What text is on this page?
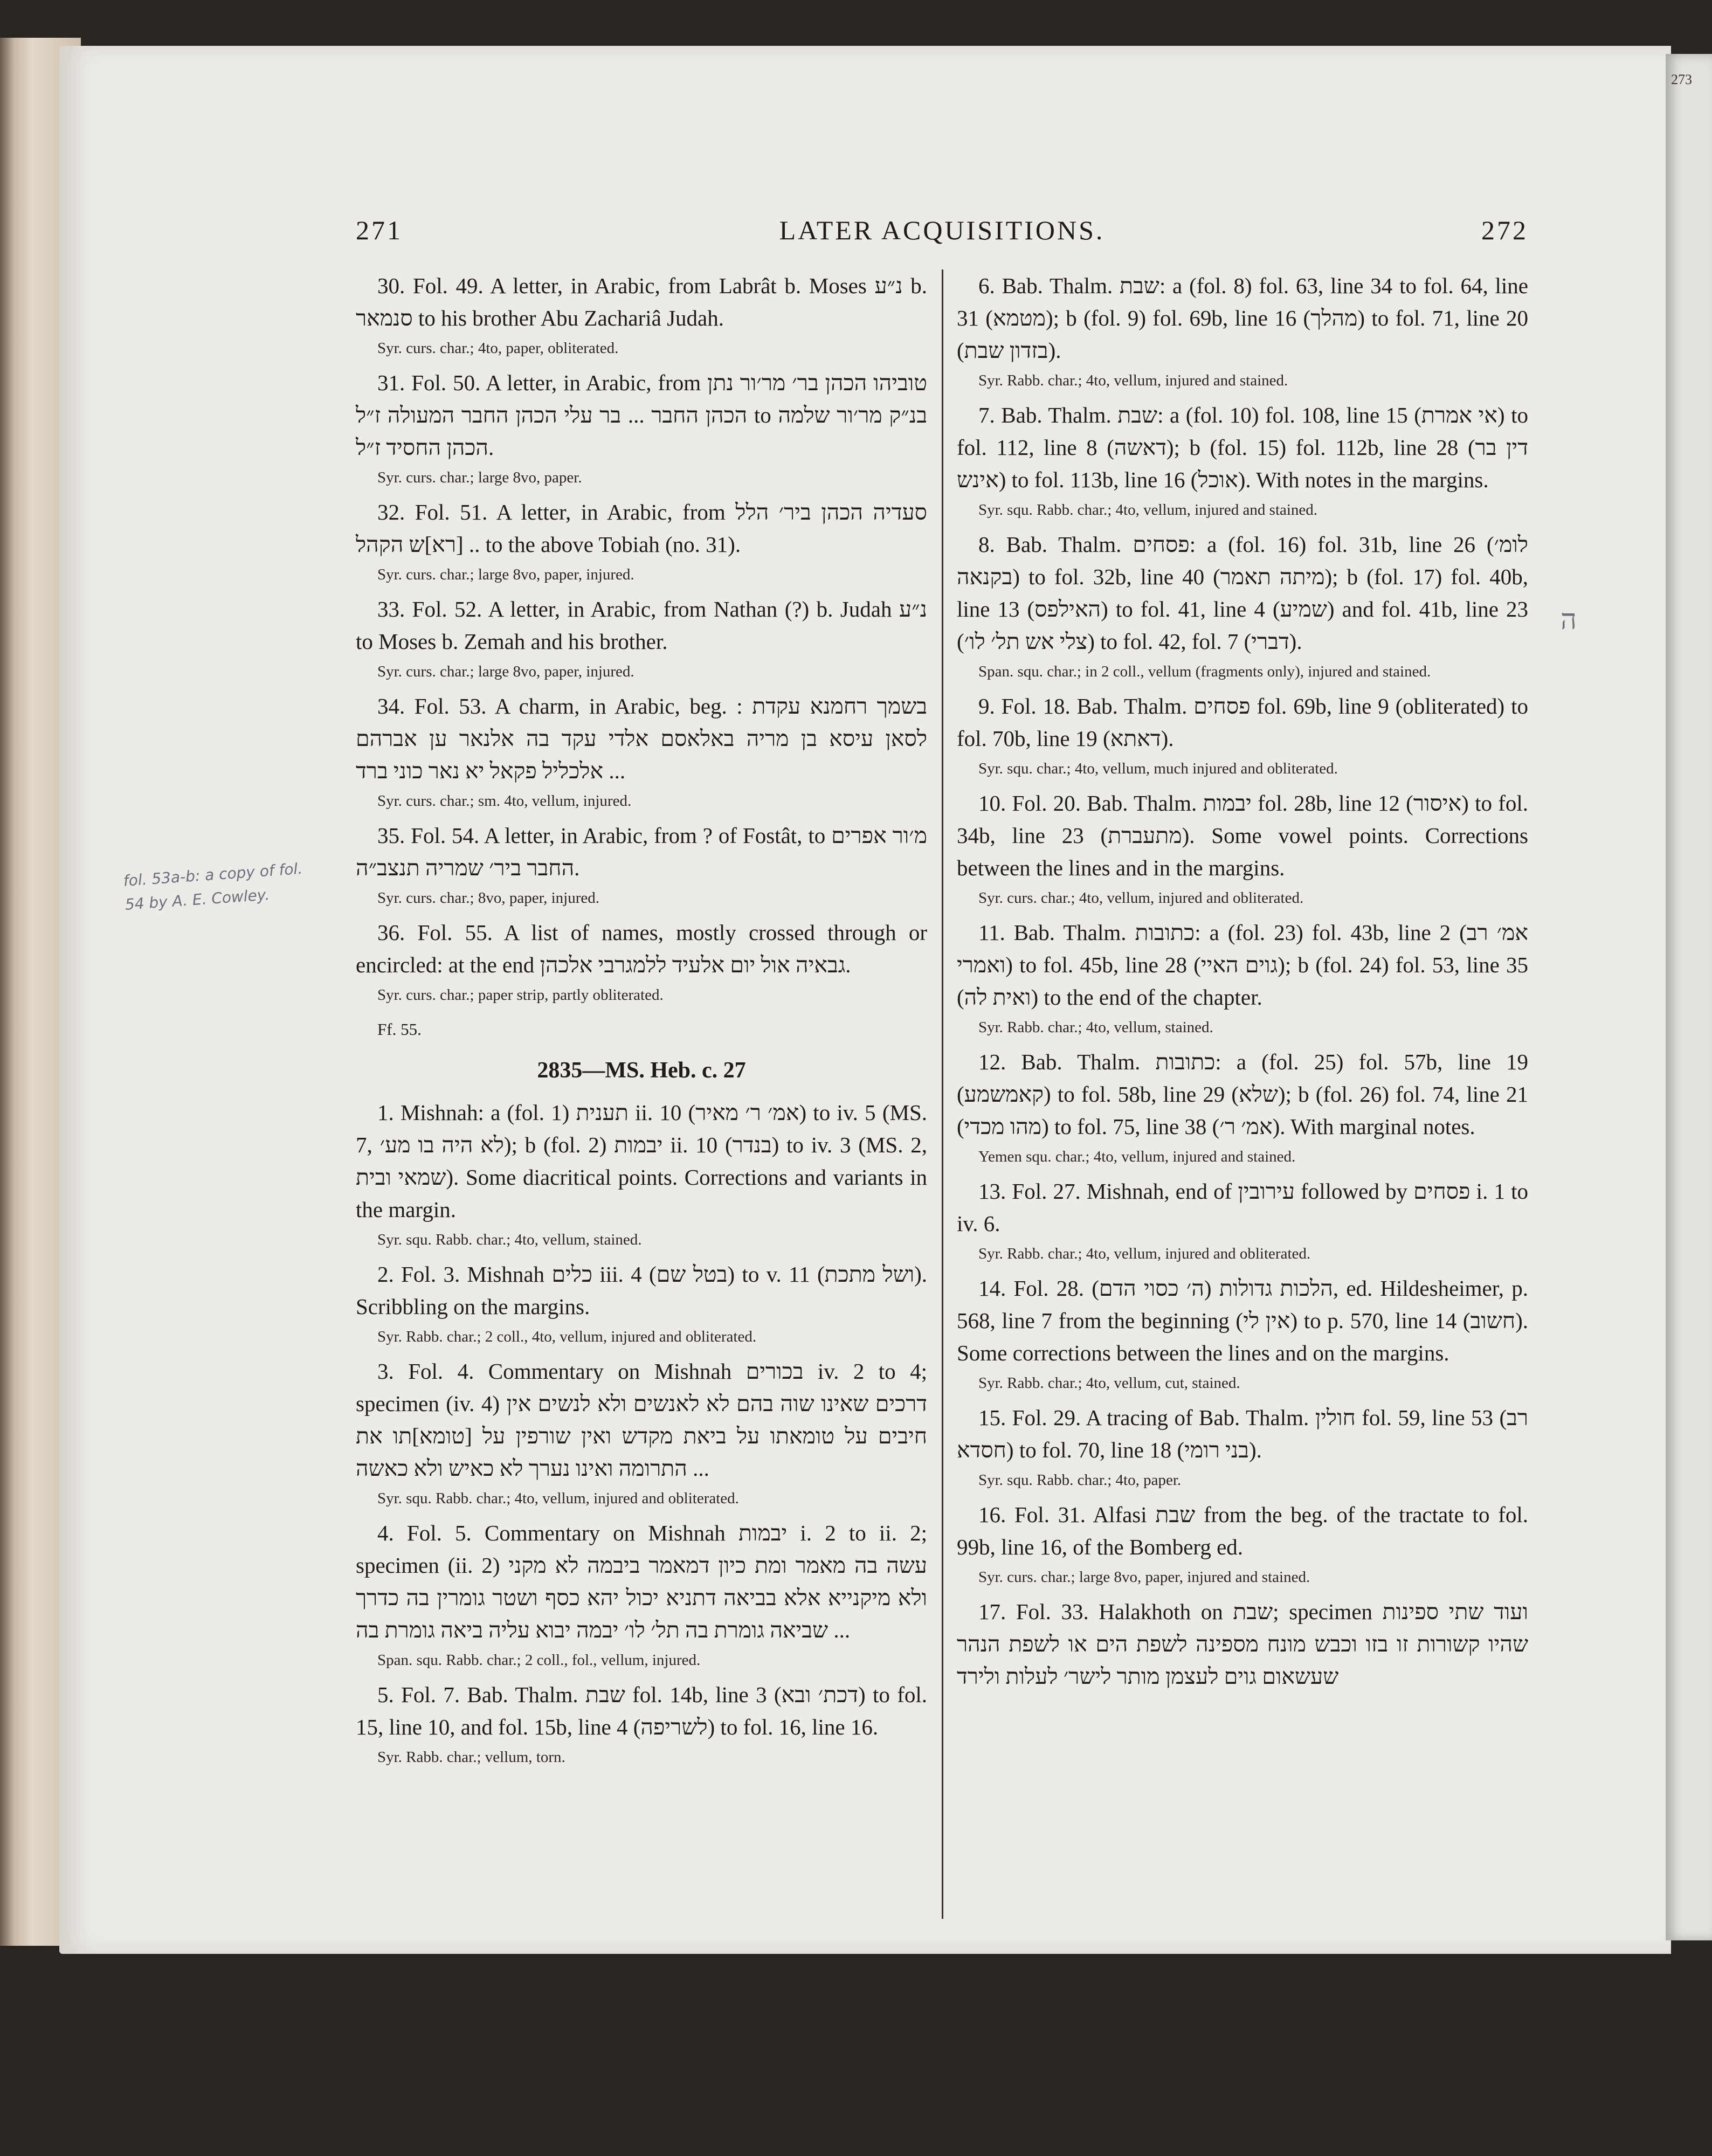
273
271	LATER ACQUISITIONS.	272

30. Fol. 49. A letter, in Arabic, from Labrât b. Moses נ״ע b. סנמאר to his brother Abu Zachariâ Judah.

Syr. curs. char.; 4to, paper, obliterated.

31. Fol. 50. A letter, in Arabic, from טוביהו הכהן בר׳ מר׳ור נתן הכהן החבר ... בר עלי הכהן החבר המעולה ז״ל to בנ״ק מר׳ור שלמה הכהן החסיד ז״ל.

Syr. curs. char.; large 8vo, paper.

32. Fol. 51. A letter, in Arabic, from סעדיה הכהן ביר׳ הלל [רא]ש הקהל .. to the above Tobiah (no. 31).

Syr. curs. char.; large 8vo, paper, injured.

33. Fol. 52. A letter, in Arabic, from Nathan (?) b. Judah נ״ע to Moses b. Zemah and his brother.

Syr. curs. char.; large 8vo, paper, injured.

34. Fol. 53. A charm, in Arabic, beg. : בשמך רחמנא עקדת לסאן עיסא בן מריה באלאסם אלדי עקד בה אלנאר ען אברהם אלכליל פקאל יא נאר כוני ברד ...

Syr. curs. char.; sm. 4to, vellum, injured.

35. Fol. 54. A letter, in Arabic, from ? of Fostât, to מ׳ור אפרים החבר ביר׳ שמריה תנצב״ה.

Syr. curs. char.; 8vo, paper, injured.

36. Fol. 55. A list of names, mostly crossed through or encircled: at the end גבאיה אול יום אלעיד ללמגרבי אלכהן.

Syr. curs. char.; paper strip, partly obliterated.

Ff. 55.

2835—MS. Heb. c. 27

1. Mishnah: a (fol. 1) תענית ii. 10 (אמ׳ ר׳ מאיר) to iv. 5 (MS. 7, לא היה בו מע׳); b (fol. 2) יבמות ii. 10 (בנדר) to iv. 3 (MS. 2, שמאי ובית). Some diacritical points. Corrections and variants in the margin.

Syr. squ. Rabb. char.; 4to, vellum, stained.

2. Fol. 3. Mishnah כלים iii. 4 (בטל שם) to v. 11 (ושל מתכת). Scribbling on the margins.

Syr. Rabb. char.; 2 coll., 4to, vellum, injured and obliterated.

3. Fol. 4. Commentary on Mishnah בכורים iv. 2 to 4; specimen (iv. 4) דרכים שאינו שוה בהם לא לאנשים ולא לנשים אין חיבים על טומאתו על ביאת מקדש ואין שורפין על [טומא]תו את התרומה ואינו נערך לא כאיש ולא כאשה ...

Syr. squ. Rabb. char.; 4to, vellum, injured and obliterated.

4. Fol. 5. Commentary on Mishnah יבמות i. 2 to ii. 2; specimen (ii. 2) עשה בה מאמר ומת כיון דמאמר ביבמה לא מקני ולא מיקנייא אלא בביאה דתניא יכול יהא כסף ושטר גומרין בה כדרך שביאה גומרת בה תל׳ לו׳ יבמה יבוא עליה ביאה גומרת בה ...

Span. squ. Rabb. char.; 2 coll., fol., vellum, injured.

5. Fol. 7. Bab. Thalm. שבת fol. 14b, line 3 (דכת׳ ובא) to fol. 15, line 10, and fol. 15b, line 4 (לשריפה) to fol. 16, line 16.

Syr. Rabb. char.; vellum, torn.

6. Bab. Thalm. שבת: a (fol. 8) fol. 63, line 34 to fol. 64, line 31 (מטמא); b (fol. 9) fol. 69b, line 16 (מהלך) to fol. 71, line 20 (בזדון שבת).

Syr. Rabb. char.; 4to, vellum, injured and stained.

7. Bab. Thalm. שבת: a (fol. 10) fol. 108, line 15 (אי אמרת) to fol. 112, line 8 (דאשה); b (fol. 15) fol. 112b, line 28 (דין בר אינש) to fol. 113b, line 16 (אוכל). With notes in the margins.

Syr. squ. Rabb. char.; 4to, vellum, injured and stained.

8. Bab. Thalm. פסחים: a (fol. 16) fol. 31b, line 26 (לומ׳ בקנאה) to fol. 32b, line 40 (מיתה תאמר); b (fol. 17) fol. 40b, line 13 (האילפס) to fol. 41, line 4 (שמיע) and fol. 41b, line 23 (צלי אש תל׳ לו׳) to fol. 42, fol. 7 (דברי).

Span. squ. char.; in 2 coll., vellum (fragments only), injured and stained.

9. Fol. 18. Bab. Thalm. פסחים fol. 69b, line 9 (obliterated) to fol. 70b, line 19 (דאתא).

Syr. squ. char.; 4to, vellum, much injured and obliterated.

10. Fol. 20. Bab. Thalm. יבמות fol. 28b, line 12 (איסור) to fol. 34b, line 23 (מתעברת). Some vowel points. Corrections between the lines and in the margins.

Syr. curs. char.; 4to, vellum, injured and obliterated.

11. Bab. Thalm. כתובות: a (fol. 23) fol. 43b, line 2 (אמ׳ רב ואמרי) to fol. 45b, line 28 (גוים האיי); b (fol. 24) fol. 53, line 35 (ואית לה) to the end of the chapter.

Syr. Rabb. char.; 4to, vellum, stained.

12. Bab. Thalm. כתובות: a (fol. 25) fol. 57b, line 19 (קאמשמע) to fol. 58b, line 29 (שלא); b (fol. 26) fol. 74, line 21 (מהו מכדי) to fol. 75, line 38 (אמ׳ ר׳). With marginal notes.

Yemen squ. char.; 4to, vellum, injured and stained.

13. Fol. 27. Mishnah, end of עירובין followed by פסחים i. 1 to iv. 6.

Syr. Rabb. char.; 4to, vellum, injured and obliterated.

14. Fol. 28. הלכות גדולות (ה׳ כסוי הדם), ed. Hildesheimer, p. 568, line 7 from the beginning (אין לי) to p. 570, line 14 (חשוב). Some corrections between the lines and on the margins.

Syr. Rabb. char.; 4to, vellum, cut, stained.

15. Fol. 29. A tracing of Bab. Thalm. חולין fol. 59, line 53 (רב חסדא) to fol. 70, line 18 (בני רומי).

Syr. squ. Rabb. char.; 4to, paper.

16. Fol. 31. Alfasi שבת from the beg. of the tractate to fol. 99b, line 16, of the Bomberg ed.

Syr. curs. char.; large 8vo, paper, injured and stained.

17. Fol. 33. Halakhoth on שבת; specimen ועוד שתי ספינות שהיו קשורות זו בזו וכבש מונח מספינה לשפת הים או לשפת הנהר שעשאום גוים לעצמן מותר לישר׳ לעלות ולירד

fol. 53a-b: a copy of fol. 54 by A. E. Cowley.
ה
